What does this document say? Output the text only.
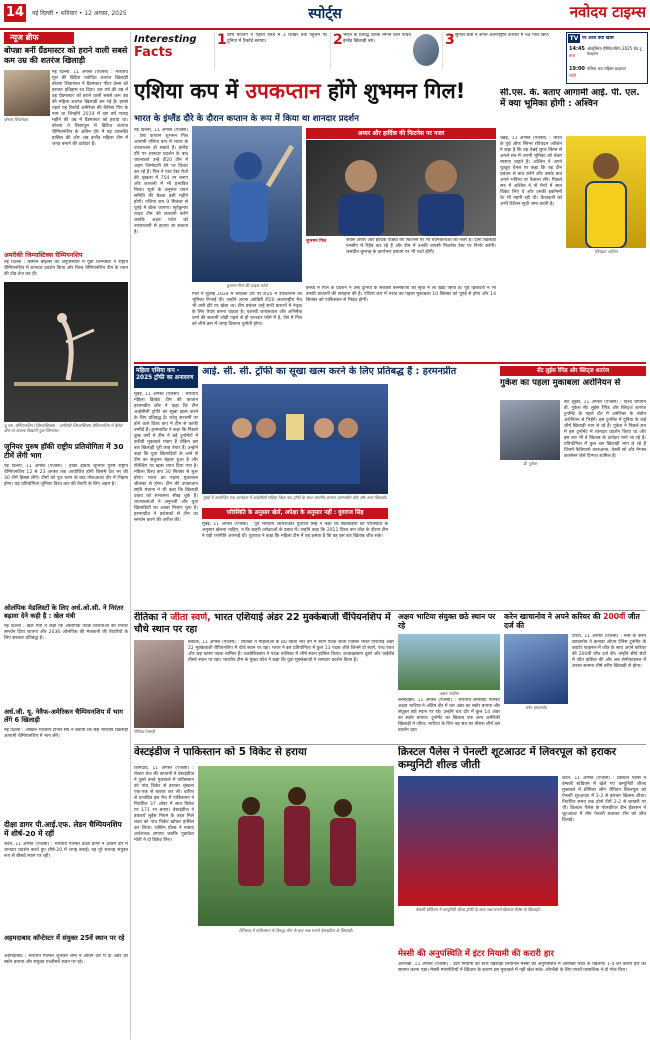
14	नई दिल्ली • शनिवार • 12 अगस्त, 2025	स्पोर्ट्स	नवोदय टाइम्स
TV पर आज क्या खास
14:45
स्टार
ऑस्ट्रेलिया चैम्पियनशिप 2025 रोड टू फाइनल
19:00
सोनी
एशिया कप महिला फ़ाइनल
न्यूज ब्रीफ
बोपन्ना बनीं ग्रैंडमास्टर को हराने वाली सबसे कम उम्र की शतरंज खिलाड़ी
बोधना शिवानंदन
नई दिल्ली, 11 अगस्त (एजेंसी) : भारतीय मूल की ब्रिटिश नवोदित शतरंज खिलाड़ी बोधना शिवानंदन ने ग्रैंडमास्टर पीटर वेल्स को हराकर इतिहास रच दिया। दस वर्ष की उम्र में वह ग्रैंडमास्टर को हराने वाली सबसे कम उम्र की महिला शतरंज खिलाड़ी बन गई हैं। इससे पहले यह रिकॉर्ड अमेरिका की कैरिसा यिप के नाम था जिन्होंने 2019 में दस वर्ष ग्यारह महीने की उम्र में ग्रैंडमास्टर को हराया था। बोधना ने लिवरपूल में ब्रिटिश शतरंज चैम्पियनशिप के अंतिम दौर में यह उपलब्धि हासिल की और अब इंग्लैंड महिला टीम में जगह बनाने की दावेदार हैं।
अमरीकी जिम्नास्टिक्स चैम्पियनशिप
नई दिल्ली : सिमोन बाइल्स की अनुपस्थिति में युवा जिम्नास्टों ने राष्ट्रीय चैम्पियनशिप में शानदार प्रदर्शन किया और विश्व चैम्पियनशिप टीम के चयन की दौड़ तेज कर दी।
यू.एस. चैम्पियनशिप (जिम्नास्टिक्स) : अमेरिकी जिम्नास्टिक्स चैम्पियनशिप में बैलेंस बीम पर करतब दिखाती युवा जिम्नास्ट।
जूनियर पुरुष हॉकी राष्ट्रीय प्रतियोगिता में 30 टीमें लेंगी भाग
नई दिल्ली, 11 अगस्त (एजेंसी) : हॉकी इंडिया जूनियर पुरुष राष्ट्रीय चैम्पियनशिप 12 से 23 अगस्त तक आयोजित होगी जिसमें देश भर की 30 टीमें हिस्सा लेंगी। टीमों को पूल चरण के बाद नॉकआउट दौर में भिड़ना होगा। यह प्रतियोगिता जूनियर विश्व कप की तैयारी के लिए अहम है।
ओलंपिक मेडलिस्टों के लिए अर्ध.ओ.सी. ने निरंतर बढ़ावा देने कही है : खेल मंत्री
नई दिल्ली : खेल मंत्री ने कहा कि ओलंपिक पदक विजेताओं को निरंतर समर्थन दिया जाएगा और 2036 ओलंपिक की मेजबानी की तैयारियों के लिए सरकार प्रतिबद्ध है।
अर्ध.जी. यू. नेवैफ-अमेरिकन चैम्पियनशिप में भाग लेंगे 6 खिलाड़ी
नई दिल्ली : अखिल भारतीय टेनिस संघ ने बताया कि छह भारतीय खिलाड़ी आगामी चैम्पियनशिप में भाग लेंगे।
दीक्षा डागर पी.आई.एफ. लेडन चैम्पियनशिप में शीर्ष-20 में रहीं
लंदन, 11 अगस्त (एजेंसी) : भारतीय गोल्फर दीक्षा डागर ने अंतिम दौर में शानदार प्रदर्शन करते हुए शीर्ष-20 में जगह बनाई। वह पूरे सप्ताह संयुक्त रूप से बीसवें स्थान पर रहीं।
अहमदाबाद कॉन्टेस्टर में संयुक्त 25वें स्थान पर रहे
अहमदाबाद : भारतीय गोल्फर शुभंकर शर्मा ने अंतिम दौर में दो अंडर का स्कोर बनाया और संयुक्त पच्चीसवें स्थान पर रहे।
Interesting
Facts
1 शीर्ष चार्जिंग ने पहली वनडे में 3 शिखर तक पहुंचने पर दुनिया में रिकॉर्ड बनाया।	2 भारत के विरुद्ध शतक लगाने वाले पांचवें इंग्लैंड खिलाड़ी बने।	3 सुनील छेत्री ने अपने अंतरराष्ट्रीय करियर में 94 गोल किए।
एशिया कप में उपकप्तान होंगे शुभमन गिल!
भारत के इंग्लैंड दौरे के दौरान कप्तान के रूप में किया था शानदार प्रदर्शन
नई दिल्ली, 11 अगस्त (एजेंसी) : टेस्ट कप्तान शुभमन गिल आगामी एशिया कप में भारत के उपकप्तान हो सकते हैं। इंग्लैंड दौरे पर शानदार प्रदर्शन के बाद चयनकर्ता उन्हें टी20 टीम में अहम जिम्मेदारी देने पर विचार कर रहे हैं। गिल ने पांच टेस्ट मैचों की श्रृंखला में 754 रन बनाए और कप्तानी में भी प्रभावित किया। सूत्रों के अनुसार चयन समिति की बैठक इसी महीने होगी। एशिया कप 9 सितंबर से यूएई में खेला जाएगा। सूर्यकुमार यादव टीम की कप्तानी करेंगे जबकि अक्षर पटेल को उपकप्तानी से हटाया जा सकता है।
शुभमन गिल की फाइल फोटो
गिल ने जुलाई 2024 में श्रीलंका दौरे पर टी20 में उपकप्तान की भूमिका निभाई थी। उन्होंने अपना आखिरी टी20 अंतरराष्ट्रीय मैच भी उसी दौरे पर खेला था। टीम प्रबंधन उन्हें सभी प्रारूपों में नेतृत्व के लिए तैयार करना चाहता है। यशस्वी जायसवाल और अभिषेक शर्मा की सलामी जोड़ी पहले से ही शानदार फॉर्म में है, ऐसे में गिल को शीर्ष क्रम में जगह दिलाना चुनौती होगा।
अय्यर और हार्दिक की फिटनेस पर नजर
शुभमन गिल	श्रेयस अय्यर और हार्दिक पांड्या की फिटनेस पर भी चयनकर्ताओं की नजर है। दोनों खिलाड़ी एनसीए में रिहैब कर रहे हैं और टीम में उनकी वापसी फिटनेस टेस्ट पर निर्भर करेगी। जसप्रीत बुमराह के कार्यभार प्रबंधन पर भी चर्चा होगी।
इंग्लैंड में गिल के प्रदर्शन ने उन्हें दुनिया के सर्वश्रेष्ठ बल्लेबाजों की सूची में ला खड़ा किया है। पूर्व क्रिकेटरों ने भी उनकी कप्तानी की सराहना की है। एशिया कप में भारत का पहला मुकाबला 10 सितंबर को यूएई से होगा और 14 सितंबर को पाकिस्तान से भिड़ंत होगी।
सी.एस. के. बताए आगामी आई. पी. एल. में क्या भूमिका होगी : अश्विन
चेन्नई, 11 अगस्त (एजेंसी) : भारत के पूर्व ऑफ स्पिनर रविचंद्रन अश्विन ने कहा है कि वह चेन्नई सुपर किंग्स से अगले सत्र में अपनी भूमिका को लेकर स्पष्टता चाहते हैं। अश्विन ने अपने यूट्यूब चैनल पर कहा कि वह टीम प्रबंधन से बात करेंगे और उसके बाद अपने भविष्य पर फैसला लेंगे। पिछले सत्र में अश्विन ने नौ मैचों में सात विकेट लिए थे और उनकी इकॉनमी रेट भी महंगी रही थी। फ्रेंचाइजी को अभी रिटेंशन सूची जमा करनी है।
रविचंद्रन अश्विन
महिला एशिया कप - 2025 ट्रॉफी का अनावरण
आई. सी. सी. ट्रॉफी का सूखा खत्म करने के लिए प्रतिबद्ध हैं : हरमनप्रीत
मुंबई, 11 अगस्त (एजेंसी) : भारतीय महिला क्रिकेट टीम की कप्तान हरमनप्रीत कौर ने कहा कि टीम आईसीसी ट्रॉफी का सूखा खत्म करने के लिए प्रतिबद्ध है। घरेलू सरजमीं पर होने वाले विश्व कप में टीम से काफी उम्मीदें हैं। हरमनप्रीत ने कहा कि पिछले कुछ वर्षों में टीम ने बड़े टूर्नामेंटों में करीबी मुकाबले गंवाए हैं लेकिन इस बार खिलाड़ी पूरी तरह तैयार हैं। उन्होंने कहा कि युवा खिलाड़ियों के आने से टीम का संतुलन बेहतर हुआ है और फील्डिंग पर खास ध्यान दिया गया है। महिला विश्व कप 30 सितंबर से शुरू होगा। भारत का पहला मुकाबला श्रीलंका से होगा। टीम की उपकप्तान स्मृति मंधाना ने भी कहा कि खिलाड़ी दबाव को संभालना सीख चुके हैं। चयनकर्ताओं ने अनुभवी और युवा खिलाड़ियों का अच्छा मिश्रण चुना है। हरमनप्रीत ने प्रशंसकों से टीम का समर्थन करने की अपील की।
मुंबई में आयोजित एक कार्यक्रम में आईसीसी महिला विश्व कप ट्रॉफी के साथ भारतीय कप्तान हरमनप्रीत कौर और अन्य खिलाड़ी।
परिस्थिति के अनुसार खेलें, अपेक्षा के अनुसार नहीं : युवराज सिंह
मुंबई, 11 अगस्त (एजेंसी) : पूर्व भारतीय ऑलराउंडर युवराज सिंह ने कहा कि खिलाड़ियों को परिस्थिति के अनुसार खेलना चाहिए, न कि बाहरी अपेक्षाओं के दबाव में। उन्होंने कहा कि 2011 विश्व कप जीत के दौरान टीम ने यही रणनीति अपनाई थी। युवराज ने कहा कि महिला टीम में वह क्षमता है कि वह इस बार खिताब जीत सके।
सेंट लुईस रैपिड और ब्लिट्ज शतरंज
गुकेश का पहला मुकाबला अरोनियन से
डी. गुकेश
सेंट लुईस, 11 अगस्त (एजेंसी) : विश्व चैंपियन डी. गुकेश सेंट लुईस रैपिड और ब्लिट्ज शतरंज टूर्नामेंट के पहले दौर में अमेरिका के लेवोन अरोनियन से भिड़ेंगे। इस टूर्नामेंट में दुनिया के कई शीर्ष खिलाड़ी भाग ले रहे हैं। गुकेश ने पिछले सत्र में इस टूर्नामेंट में शानदार प्रदर्शन किया था और इस बार भी वे खिताब के दावेदार माने जा रहे हैं। प्रतियोगिता में कुल दस खिलाड़ी भाग ले रहे हैं जिनमें फैबियानो कारुआना, वेस्ली सो और मैग्नस कार्लसन जैसे दिग्गज शामिल हैं।
रीतिका ने जीता स्वर्ण, भारत एशियाई अंडर 22 मुक्केबाजी चैंपियनशिप में चौथे स्थान पर रहा
रीतिका (स्वर्ण)
बैंकॉक, 11 अगस्त (एजेंसी) : रीतिका ने महिलाओं के 80 किग्रा भार वर्ग में स्वर्ण पदक जीता जिससे भारत एशियाई अंडर 22 मुक्केबाजी चैंपियनशिप में चौथे स्थान पर रहा। भारत ने इस प्रतियोगिता में कुल 13 पदक जीते जिनमें दो स्वर्ण, पांच रजत और छह कांस्य पदक शामिल हैं। उजबेकिस्तान ने पदक तालिका में शीर्ष स्थान हासिल किया। कजाखस्तान दूसरे और थाईलैंड तीसरे स्थान पर रहा। भारतीय टीम के मुख्य कोच ने कहा कि युवा मुक्केबाजों ने शानदार प्रदर्शन किया है।
अक्षय भाटिया संयुक्त छठे स्थान पर रहे
अक्षय भाटिया
ब्लेनहाइम, 11 अगस्त (एजेंसी) : भारतीय-अमेरिकी गोल्फर अक्षय भाटिया ने अंतिम दौर में चार अंडर का स्कोर बनाया और संयुक्त छठे स्थान पर रहे। उन्होंने चार दौर में कुल 14 अंडर का स्कोर बनाया। टूर्नामेंट का खिताब एक अन्य अमेरिकी खिलाड़ी ने जीता। भाटिया के लिए यह सत्र का तीसरा शीर्ष दस प्रदर्शन रहा।
करेन खाचानोव ने अपने करियर की 200वीं जीत दर्ज की
करेन खाचानोव
टोरंटो, 11 अगस्त (एजेंसी) : रूस के करेन खाचानोव ने कनाडा ओपन टेनिस टूर्नामेंट के क्वार्टर फाइनल में जीत के साथ अपने करियर की 200वीं जीत दर्ज की। उन्होंने सीधे सेटों में जीत हासिल की और अब सेमीफाइनल में उनका सामना शीर्ष वरीय खिलाड़ी से होगा।
वेस्टइंडीज ने पाकिस्तान को 5 विकेट से हराया
त्रिनिदाद, 11 अगस्त (एजेंसी) : रोस्टन चेज की कप्तानी में वेस्टइंडीज ने दूसरे वनडे मुकाबले में पाकिस्तान को पांच विकेट से हराकर श्रृंखला एक-एक से बराबर कर ली। बारिश से प्रभावित इस मैच में पाकिस्तान ने निर्धारित 37 ओवर में सात विकेट पर 171 रन बनाए। वेस्टइंडीज ने डकवर्थ लुईस नियम के तहत मिले लक्ष्य को पांच विकेट खोकर हासिल कर लिया। जस्टिन ग्रीव्स ने नाबाद अर्धशतक लगाया जबकि गुडाकेश मोती ने दो विकेट लिए।
त्रिनिदाद में पाकिस्तान के विरुद्ध जीत के बाद जश्न मनाते वेस्टइंडीज के खिलाड़ी।
क्रिस्टल पैलेस ने पेनल्टी शूटआउट में लिवरपूल को हराकर कम्युनिटी शील्ड जीती
वेम्बली स्टेडियम में कम्युनिटी शील्ड ट्रॉफी के साथ जश्न मनाते क्रिस्टल पैलेस के खिलाड़ी।
लंदन, 11 अगस्त (एजेंसी) : क्रिस्टल पैलेस ने वेम्बली स्टेडियम में खेले गए कम्युनिटी शील्ड मुकाबले में प्रीमियर लीग चैंपियन लिवरपूल को पेनल्टी शूटआउट में 3-2 से हराकर खिताब जीता। निर्धारित समय तक दोनों टीमें 2-2 से बराबरी पर थीं। क्रिस्टल पैलेस के गोलकीपर डीन हेंडरसन ने शूटआउट में तीन पेनल्टी बचाकर टीम को जीत दिलाई।
मेस्सी की अनुपस्थिति में इंटर मियामी की करारी हार
ऑरलैंडो, 11 अगस्त (एजेंसी) : इंटर मियामी को स्टार खिलाड़ी लियोनेल मेस्सी की अनुपस्थिति में ऑरलैंडो सिटी के खिलाफ 1-4 की करारी हार का सामना करना पड़ा। मेस्सी मांसपेशियों में खिंचाव के कारण इस मुकाबले में नहीं खेल सके। ऑरलैंडो के लिए मार्को पासालिक ने दो गोल किए।
